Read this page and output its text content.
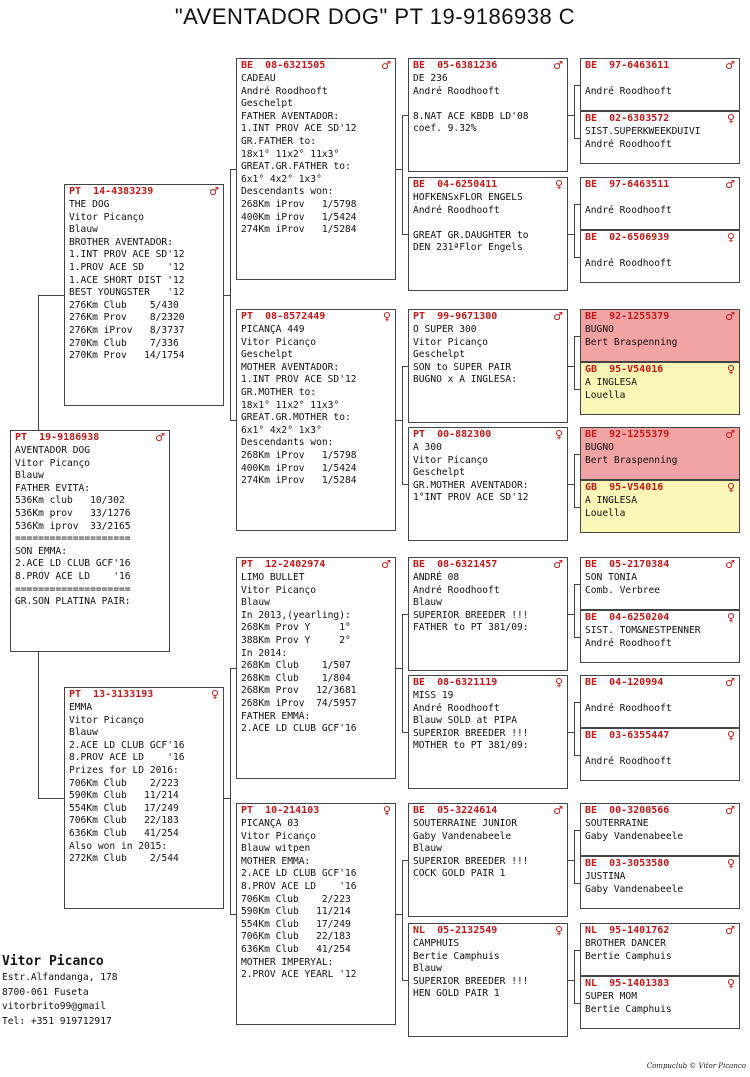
"AVENTADOR DOG" PT 19-9186938 C
PT  19-9186938	♂
AVENTADOR DOG
Vitor Picanço
Blauw
FATHER EVITA:
536Km club   10/302
536Km prov   33/1276
536Km iprov  33/2165
====================
SON EMMA:
2.ACE LD CLUB GCF'16
8.PROV ACE LD    '16
====================
GR.SON PLATINA PAIR:
PT  14-4383239	♂
THE DOG
Vitor Picanço
Blauw
BROTHER AVENTADOR:
1.INT PROV ACE SD'12
1.PROV ACE SD    '12
1.ACE SHORT DIST '12
BEST YOUNGSTER   '12
276Km Club    5/430
276Km Prov    8/2320
276Km iProv   8/3737
270Km Club    7/336
270Km Prov   14/1754
PT  13-3133193	♀
EMMA
Vitor Picanço
Blauw
2.ACE LD CLUB GCF'16
8.PROV ACE LD    '16
Prizes for LD 2016:
706Km Club    2/223
590Km Club   11/214
554Km Club   17/249
706Km Club   22/183
636Km Club   41/254
Also won in 2015:
272Km Club    2/544
BE  08-6321505	♂
CADEAU
André Roodhooft
Geschelpt
FATHER AVENTADOR:
1.INT PROV ACE SD'12
GR.FATHER to:
18x1° 11x2° 11x3°
GREAT.GR.FATHER to:
6x1° 4x2° 1x3°
Descendants won:
268Km iProv   1/5798
400Km iProv   1/5424
274Km iProv   1/5284
PT  08-8572449	♀
PICANÇA 449
Vitor Picanço
Geschelpt
MOTHER AVENTADOR:
1.INT PROV ACE SD'12
GR.MOTHER to:
18x1° 11x2° 11x3°
GREAT.GR.MOTHER to:
6x1° 4x2° 1x3°
Descendants won:
268Km iProv   1/5798
400Km iProv   1/5424
274Km iProv   1/5284
PT  12-2402974	♂
LIMO BULLET
Vitor Picanço
Blauw
In 2013,(yearling):
268Km Prov Y     1°
388Km Prov Y     2°
In 2014:
268Km Club    1/507
268Km Club    1/804
268Km Prov   12/3681
268Km iProv  74/5957
FATHER EMMA:
2.ACE LD CLUB GCF'16
PT  10-214103	♀
PICANÇA 03
Vitor Picanço
Blauw witpen
MOTHER EMMA:
2.ACE LD CLUB GCF'16
8.PROV ACE LD    '16
706Km Club    2/223
590Km Club   11/214
554Km Club   17/249
706Km Club   22/183
636Km Club   41/254
MOTHER IMPERYAL:
2.PROV ACE YEARL '12
BE  05-6381236	♂
DE 236
André Roodhooft
8.NAT ACE KBDB LD'08
coef. 9.32%
BE  04-6250411	♀
HOFKENSxFLOR ENGELS
André Roodhooft
GREAT GR.DAUGHTER to
DEN 231ªFlor Engels
PT  99-9671300	♂
O SUPER 300
Vitor Picanço
Geschelpt
SON to SUPER PAIR
BUGNO x A INGLESA:
PT  00-882300	♀
A 300
Vitor Picanço
Geschelpt
GR.MOTHER AVENTADOR:
1°INT PROV ACE SD'12
BE  08-6321457	♂
ANDRÉ 08
André Roodhooft
Blauw
SUPERIOR BREEDER !!!
FATHER to PT 381/09:
BE  08-6321119	♀
MISS 19
André Roodhooft
Blauw SOLD at PIPA
SUPERIOR BREEDER !!!
MOTHER to PT 381/09:
BE  05-3224614	♂
SOUTERRAINE JUNIOR
Gaby Vandenabeele
Blauw
SUPERIOR BREEDER !!!
COCK GOLD PAIR 1
NL  05-2132549	♀
CAMPHUIS
Bertie Camphuis
Blauw
SUPERIOR BREEDER !!!
HEN GOLD PAIR 1
BE  97-6463611	♂
André Roodhooft
BE  02-6303572	♀
SIST.SUPERKWEEKDUIVI
André Roodhooft
BE  97-6463511	♂
André Roodhooft
BE  02-6506939	♀
André Roodhooft
BE  92-1255379	♂
BUGNO
Bert Braspenning
GB  95-V54016	♀
A INGLESA
Louella
BE  92-1255379	♂
BUGNO
Bert Braspenning
GB  95-V54016	♀
A INGLESA
Louella
BE  05-2170384	♂
SON TONIA
Comb. Verbree
BE  04-6250204	♀
SIST. TOM&NESTPENNER
André Roodhooft
BE  04-120994	♂
André Roodhooft
BE  03-6355447	♀
André Roodhooft
BE  00-3200566	♂
SOUTERRAINE
Gaby Vandenabeele
BE  03-3053580	♀
JUSTINA
Gaby Vandenabeele
NL  95-1401762	♂
BROTHER DANCER
Bertie Camphuis
NL  95-1401383	♀
SUPER MOM
Bertie Camphuis
Vitor Picanco
Estr.Alfandanga, 178
8700-061 Fuseta
vitorbrito99@gmail
Tel: +351 919712917
Compuclub © Vitor Picanco
